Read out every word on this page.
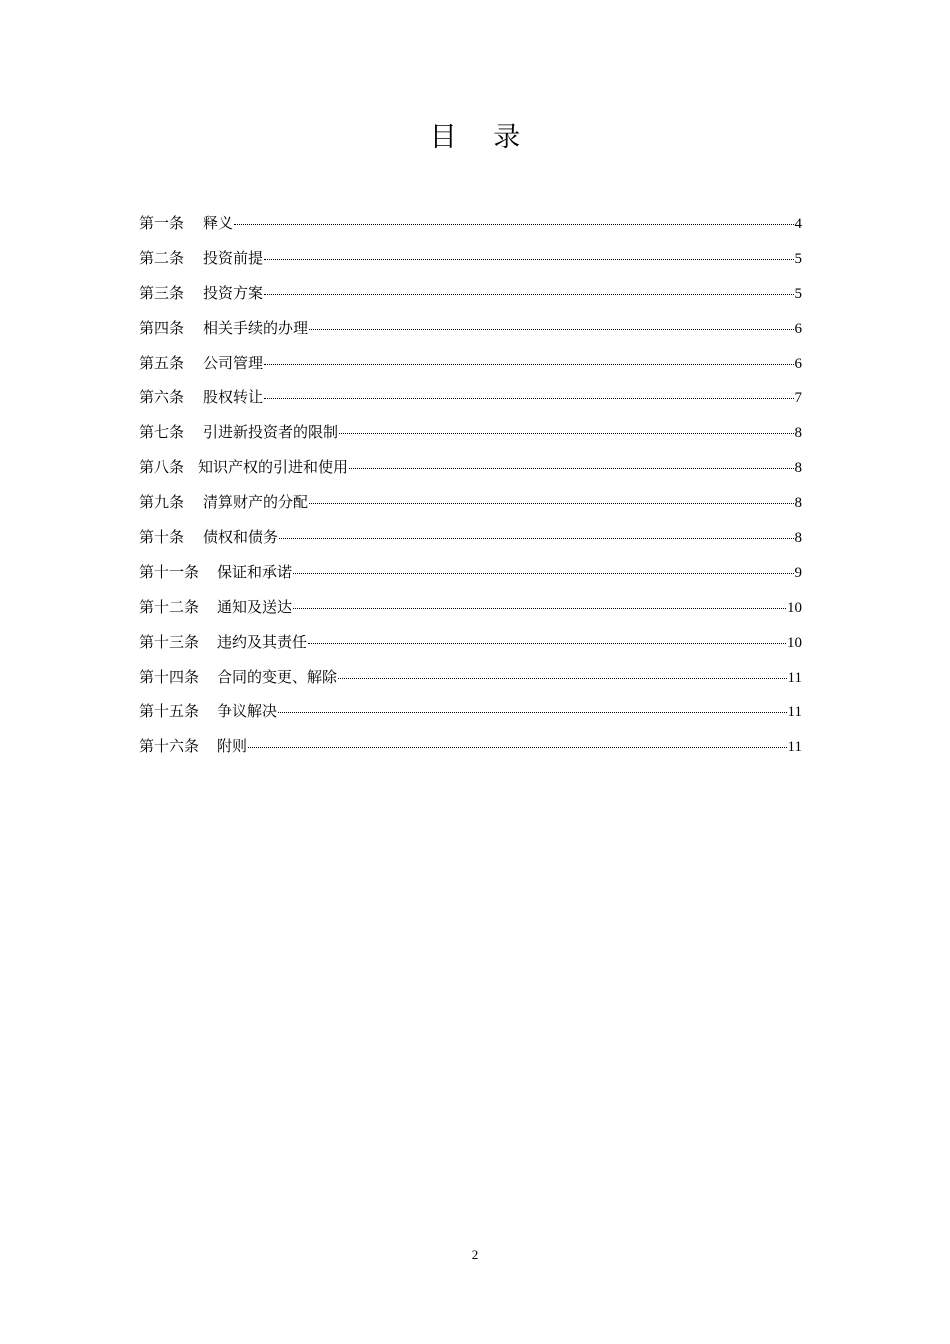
目 录
第一条 释义	4
第二条 投资前提	5
第三条 投资方案	5
第四条 相关手续的办理	6
第五条 公司管理	6
第六条 股权转让	7
第七条 引进新投资者的限制	8
第八条 知识产权的引进和使用	8
第九条 清算财产的分配	8
第十条 债权和债务	8
第十一条 保证和承诺	9
第十二条 通知及送达	10
第十三条 违约及其责任	10
第十四条 合同的变更、解除	11
第十五条 争议解决	11
第十六条 附则	11
2
